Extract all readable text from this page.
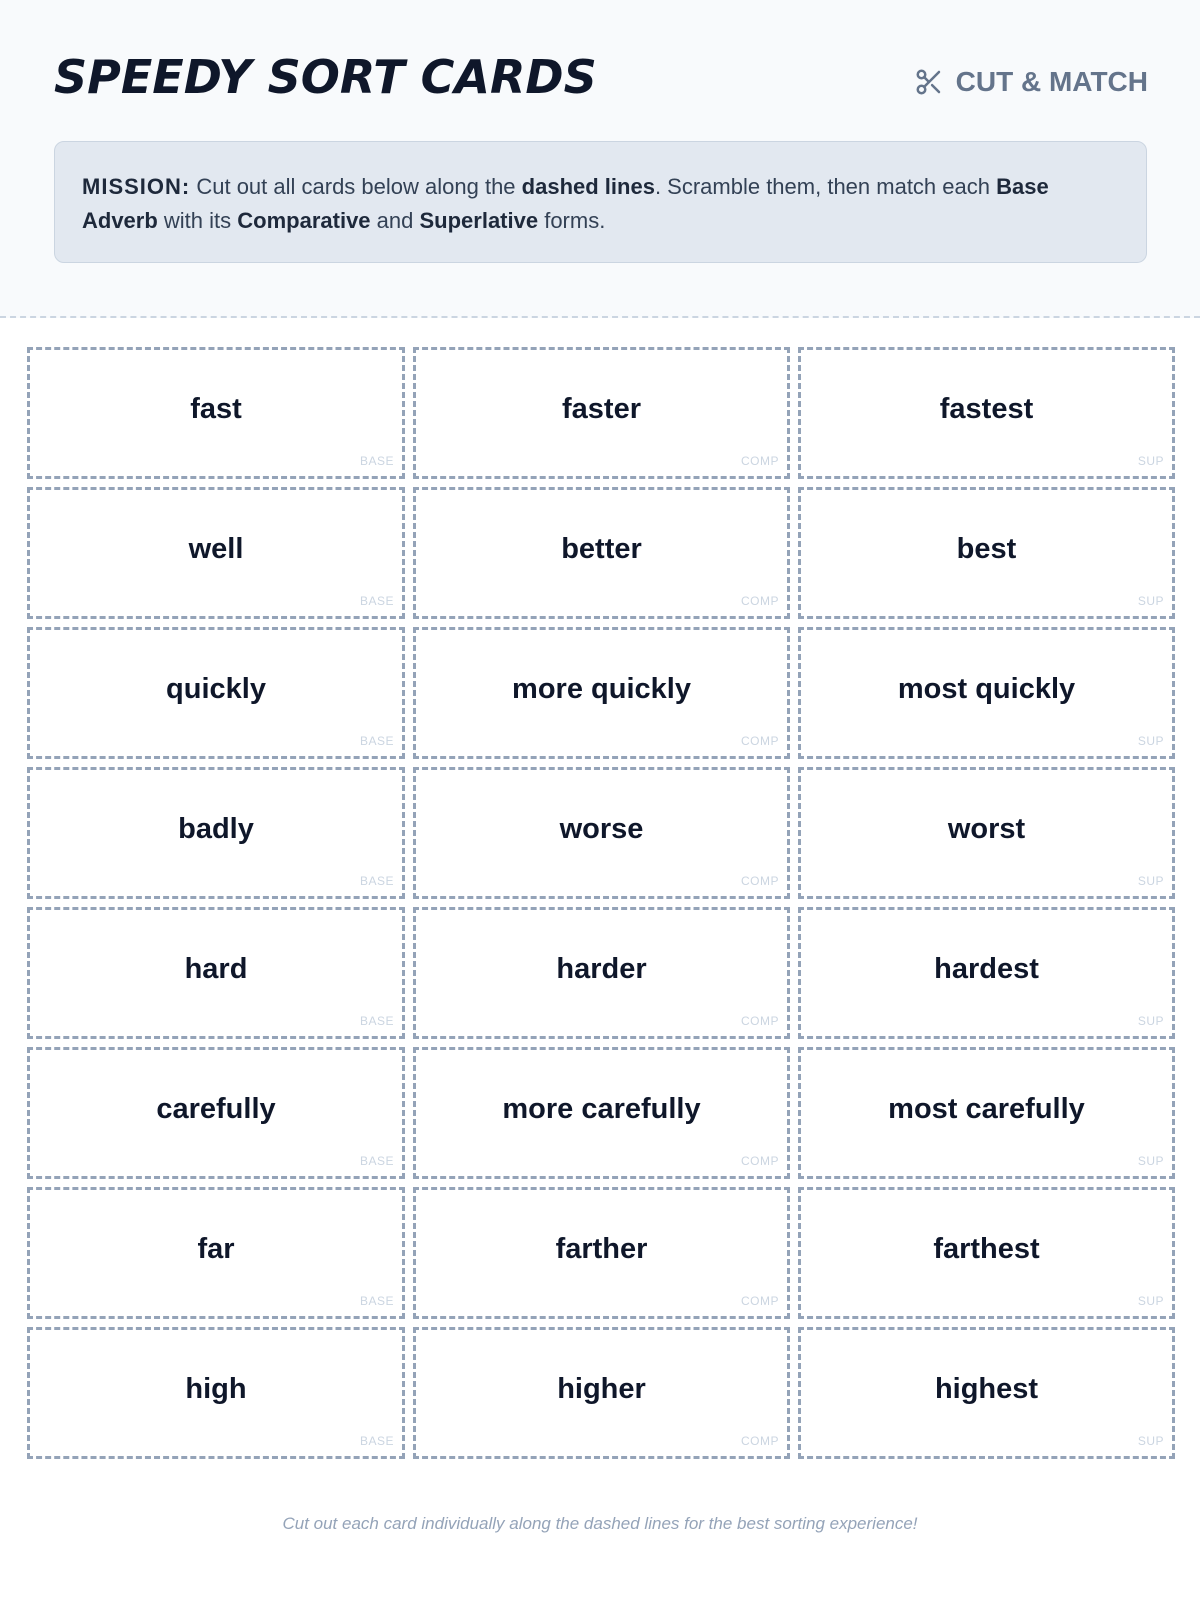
SPEEDY SORT CARDS	CUT & MATCH
MISSION: Cut out all cards below along the dashed lines. Scramble them, then match each Base Adverb with its Comparative and Superlative forms.
fast
BASE
faster
COMP
fastest
SUP
well
BASE
better
COMP
best
SUP
quickly
BASE
more quickly
COMP
most quickly
SUP
badly
BASE
worse
COMP
worst
SUP
hard
BASE
harder
COMP
hardest
SUP
carefully
BASE
more carefully
COMP
most carefully
SUP
far
BASE
farther
COMP
farthest
SUP
high
BASE
higher
COMP
highest
SUP
Cut out each card individually along the dashed lines for the best sorting experience!
